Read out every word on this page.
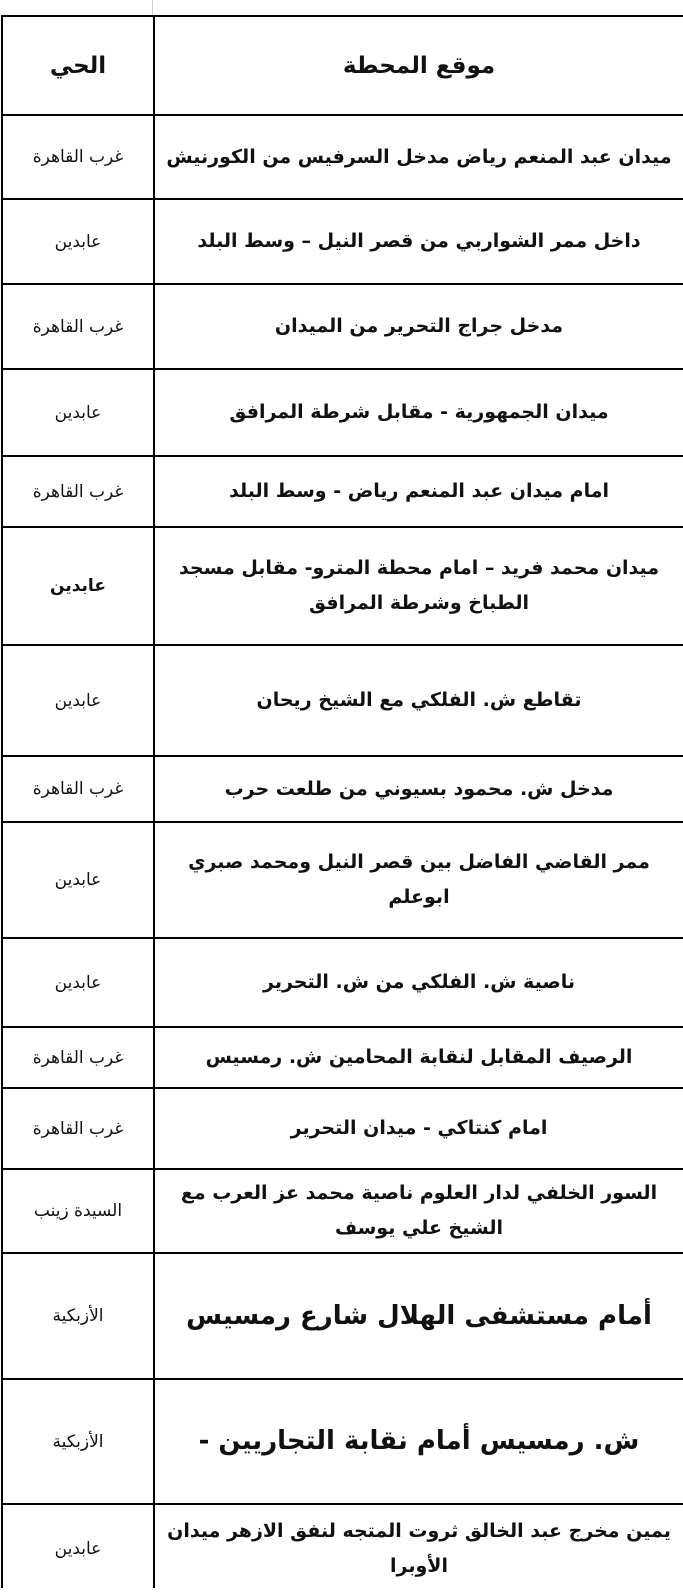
موقع المحطة	الحي
ميدان عبد المنعم رياض مدخل السرفيس من الكورنيش	غرب القاهرة
داخل ممر الشواربي من قصر النيل – وسط البلد	عابدين
مدخل جراج التحرير من الميدان	غرب القاهرة
ميدان الجمهورية - مقابل شرطة المرافق	عابدين
امام ميدان عبد المنعم رياض - وسط البلد	غرب القاهرة
ميدان محمد فريد – امام محطة المترو- مقابل مسجد الطباخ وشرطة المرافق	عابدين
تقاطع ش. الفلكي مع الشيخ ريحان	عابدين
مدخل ش. محمود بسيوني من طلعت حرب	غرب القاهرة
ممر القاضي الفاضل بين قصر النيل ومحمد صبري ابوعلم	عابدين
ناصية ش. الفلكي من ش. التحرير	عابدين
الرصيف المقابل لنقابة المحامين ش. رمسيس	غرب القاهرة
امام كنتاكي - ميدان التحرير	غرب القاهرة
السور الخلفي لدار العلوم ناصية محمد عز العرب مع الشيخ علي يوسف	السيدة زينب
أمام مستشفى الهلال شارع رمسيس	الأزبكية
ش. رمسيس أمام نقابة التجاريين -	الأزبكية
يمين مخرج عبد الخالق ثروت المتجه لنفق الازهر ميدان الأوبرا	عابدين
